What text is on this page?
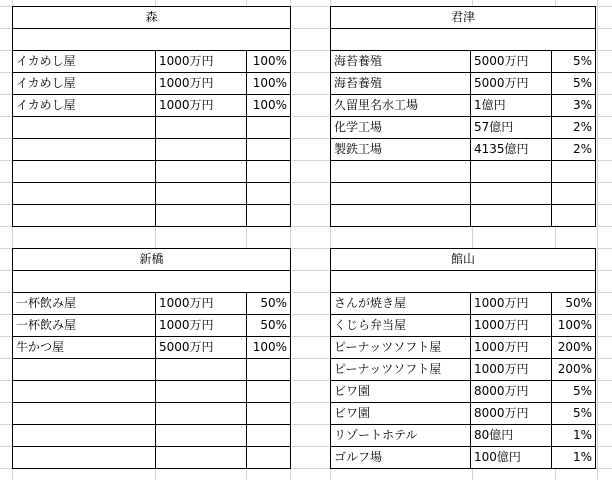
森		

イカめし屋	1000万円	100%
イカめし屋	1000万円	100%
イカめし屋	1000万円	100%

君津		

海苔養殖	5000万円	5%
海苔養殖	5000万円	5%
久留里名水工場	1億円	3%
化学工場	57億円	2%
製鉄工場	4135億円	2%

新橋		

一杯飲み屋	1000万円	50%
一杯飲み屋	1000万円	50%
牛かつ屋	5000万円	100%

館山		

さんが焼き屋	1000万円	50%
くじら弁当屋	1000万円	100%
ピーナッツソフト屋	1000万円	200%
ピーナッツソフト屋	1000万円	200%
ビワ園	8000万円	5%
ビワ園	8000万円	5%
リゾートホテル	80億円	1%
ゴルフ場	100億円	1%
